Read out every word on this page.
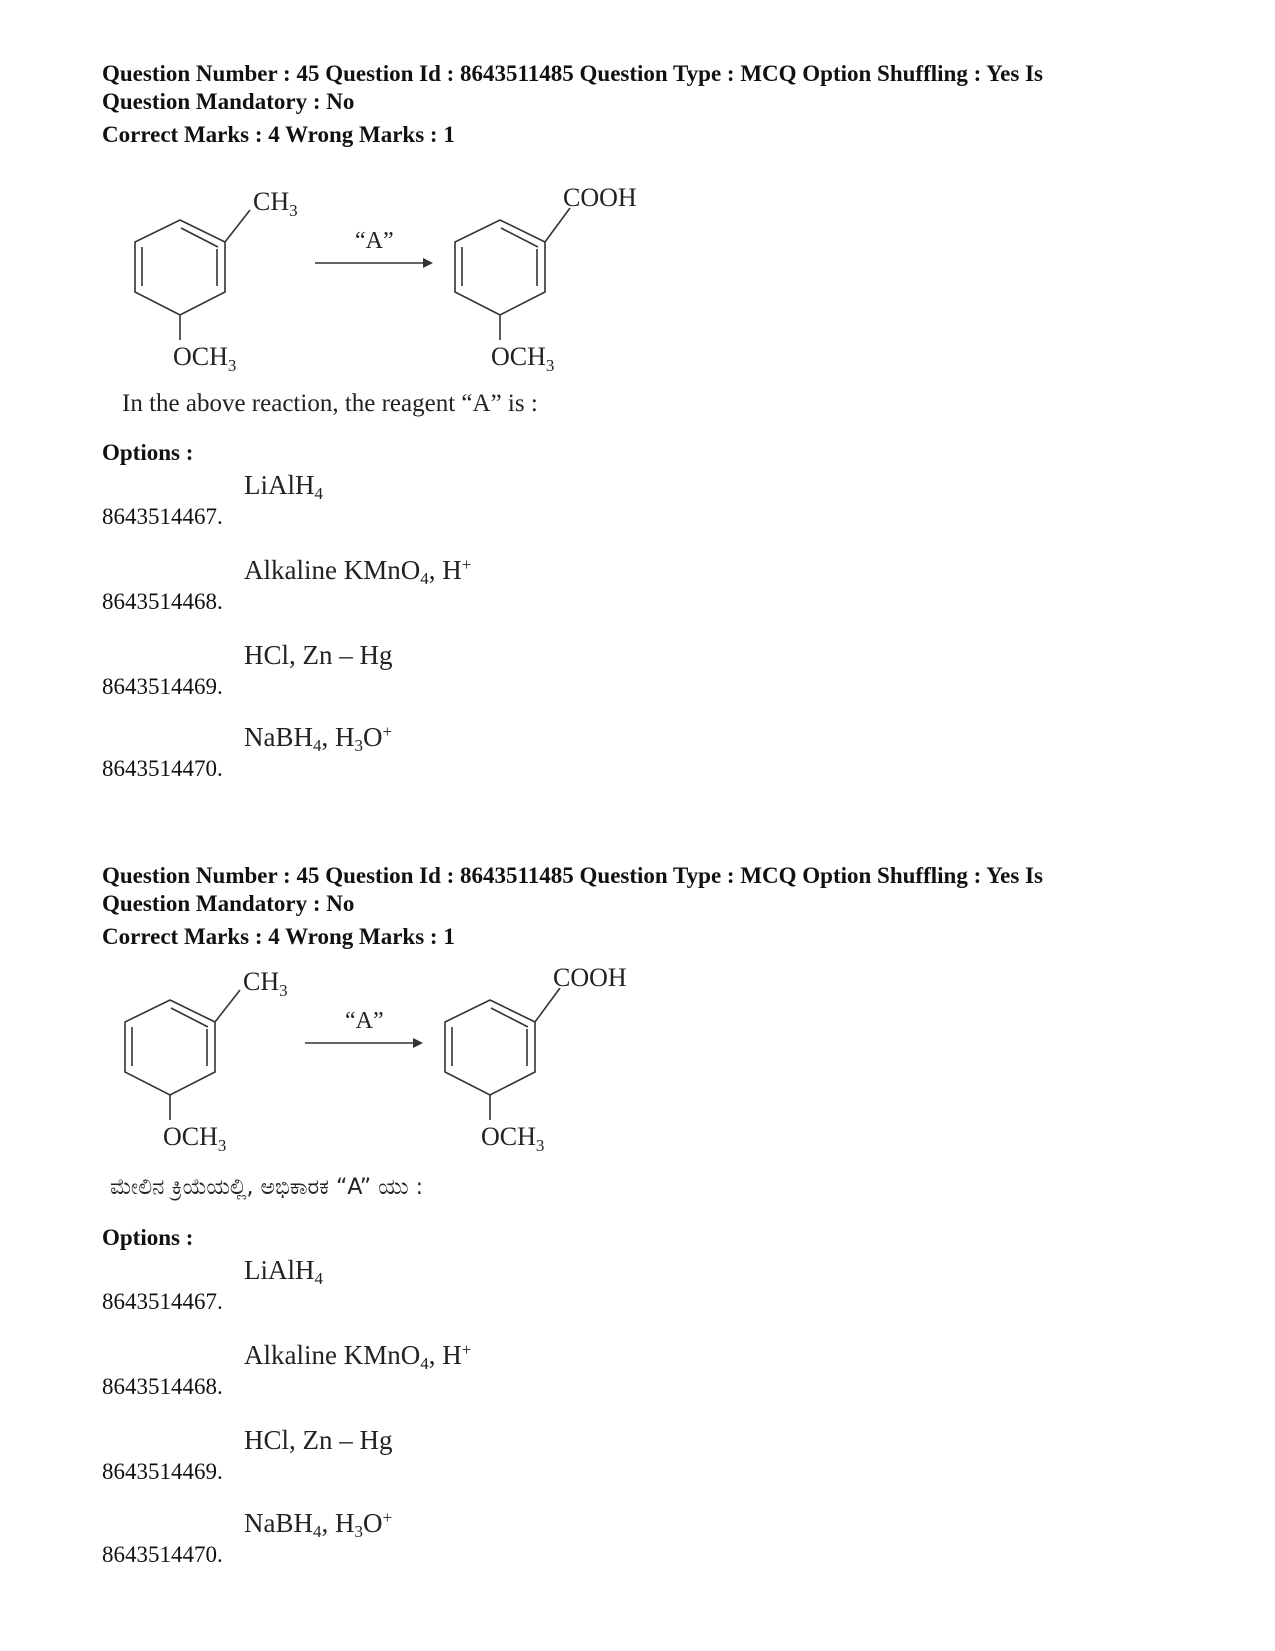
Question Number : 45 Question Id : 8643511485 Question Type : MCQ Option Shuffling : Yes Is

Question Mandatory : No

Correct Marks : 4 Wrong Marks : 1
$CH_3$
$OCH_3$
“A”
COOH
$OCH_3$
In the above reaction, the reagent “A” is :
Options :
8643514467.
LiAlH$_4$
8643514468.
Alkaline KMnO$_4$, H+
8643514469.
HCl, Zn – Hg
8643514470.
NaBH$_4$, $H_3O^+$

Question Number : 45 Question Id : 8643511485 Question Type : MCQ Option Shuffling : Yes Is

Question Mandatory : No

Correct Marks : 4 Wrong Marks : 1
$CH_3$
$OCH_3$
“A”
COOH
$OCH_3$
ಮೇಲಿನ ಕ್ರಿಯೆಯಲ್ಲಿ, ಅಭಿಕಾರಕ “A” ಯು :
Options :
8643514467.
LiAlH$_4$
8643514468.
Alkaline KMnO$_4$, H+
8643514469.
HCl, Zn – Hg
8643514470.
NaBH$_4$, $H_3O^+$
